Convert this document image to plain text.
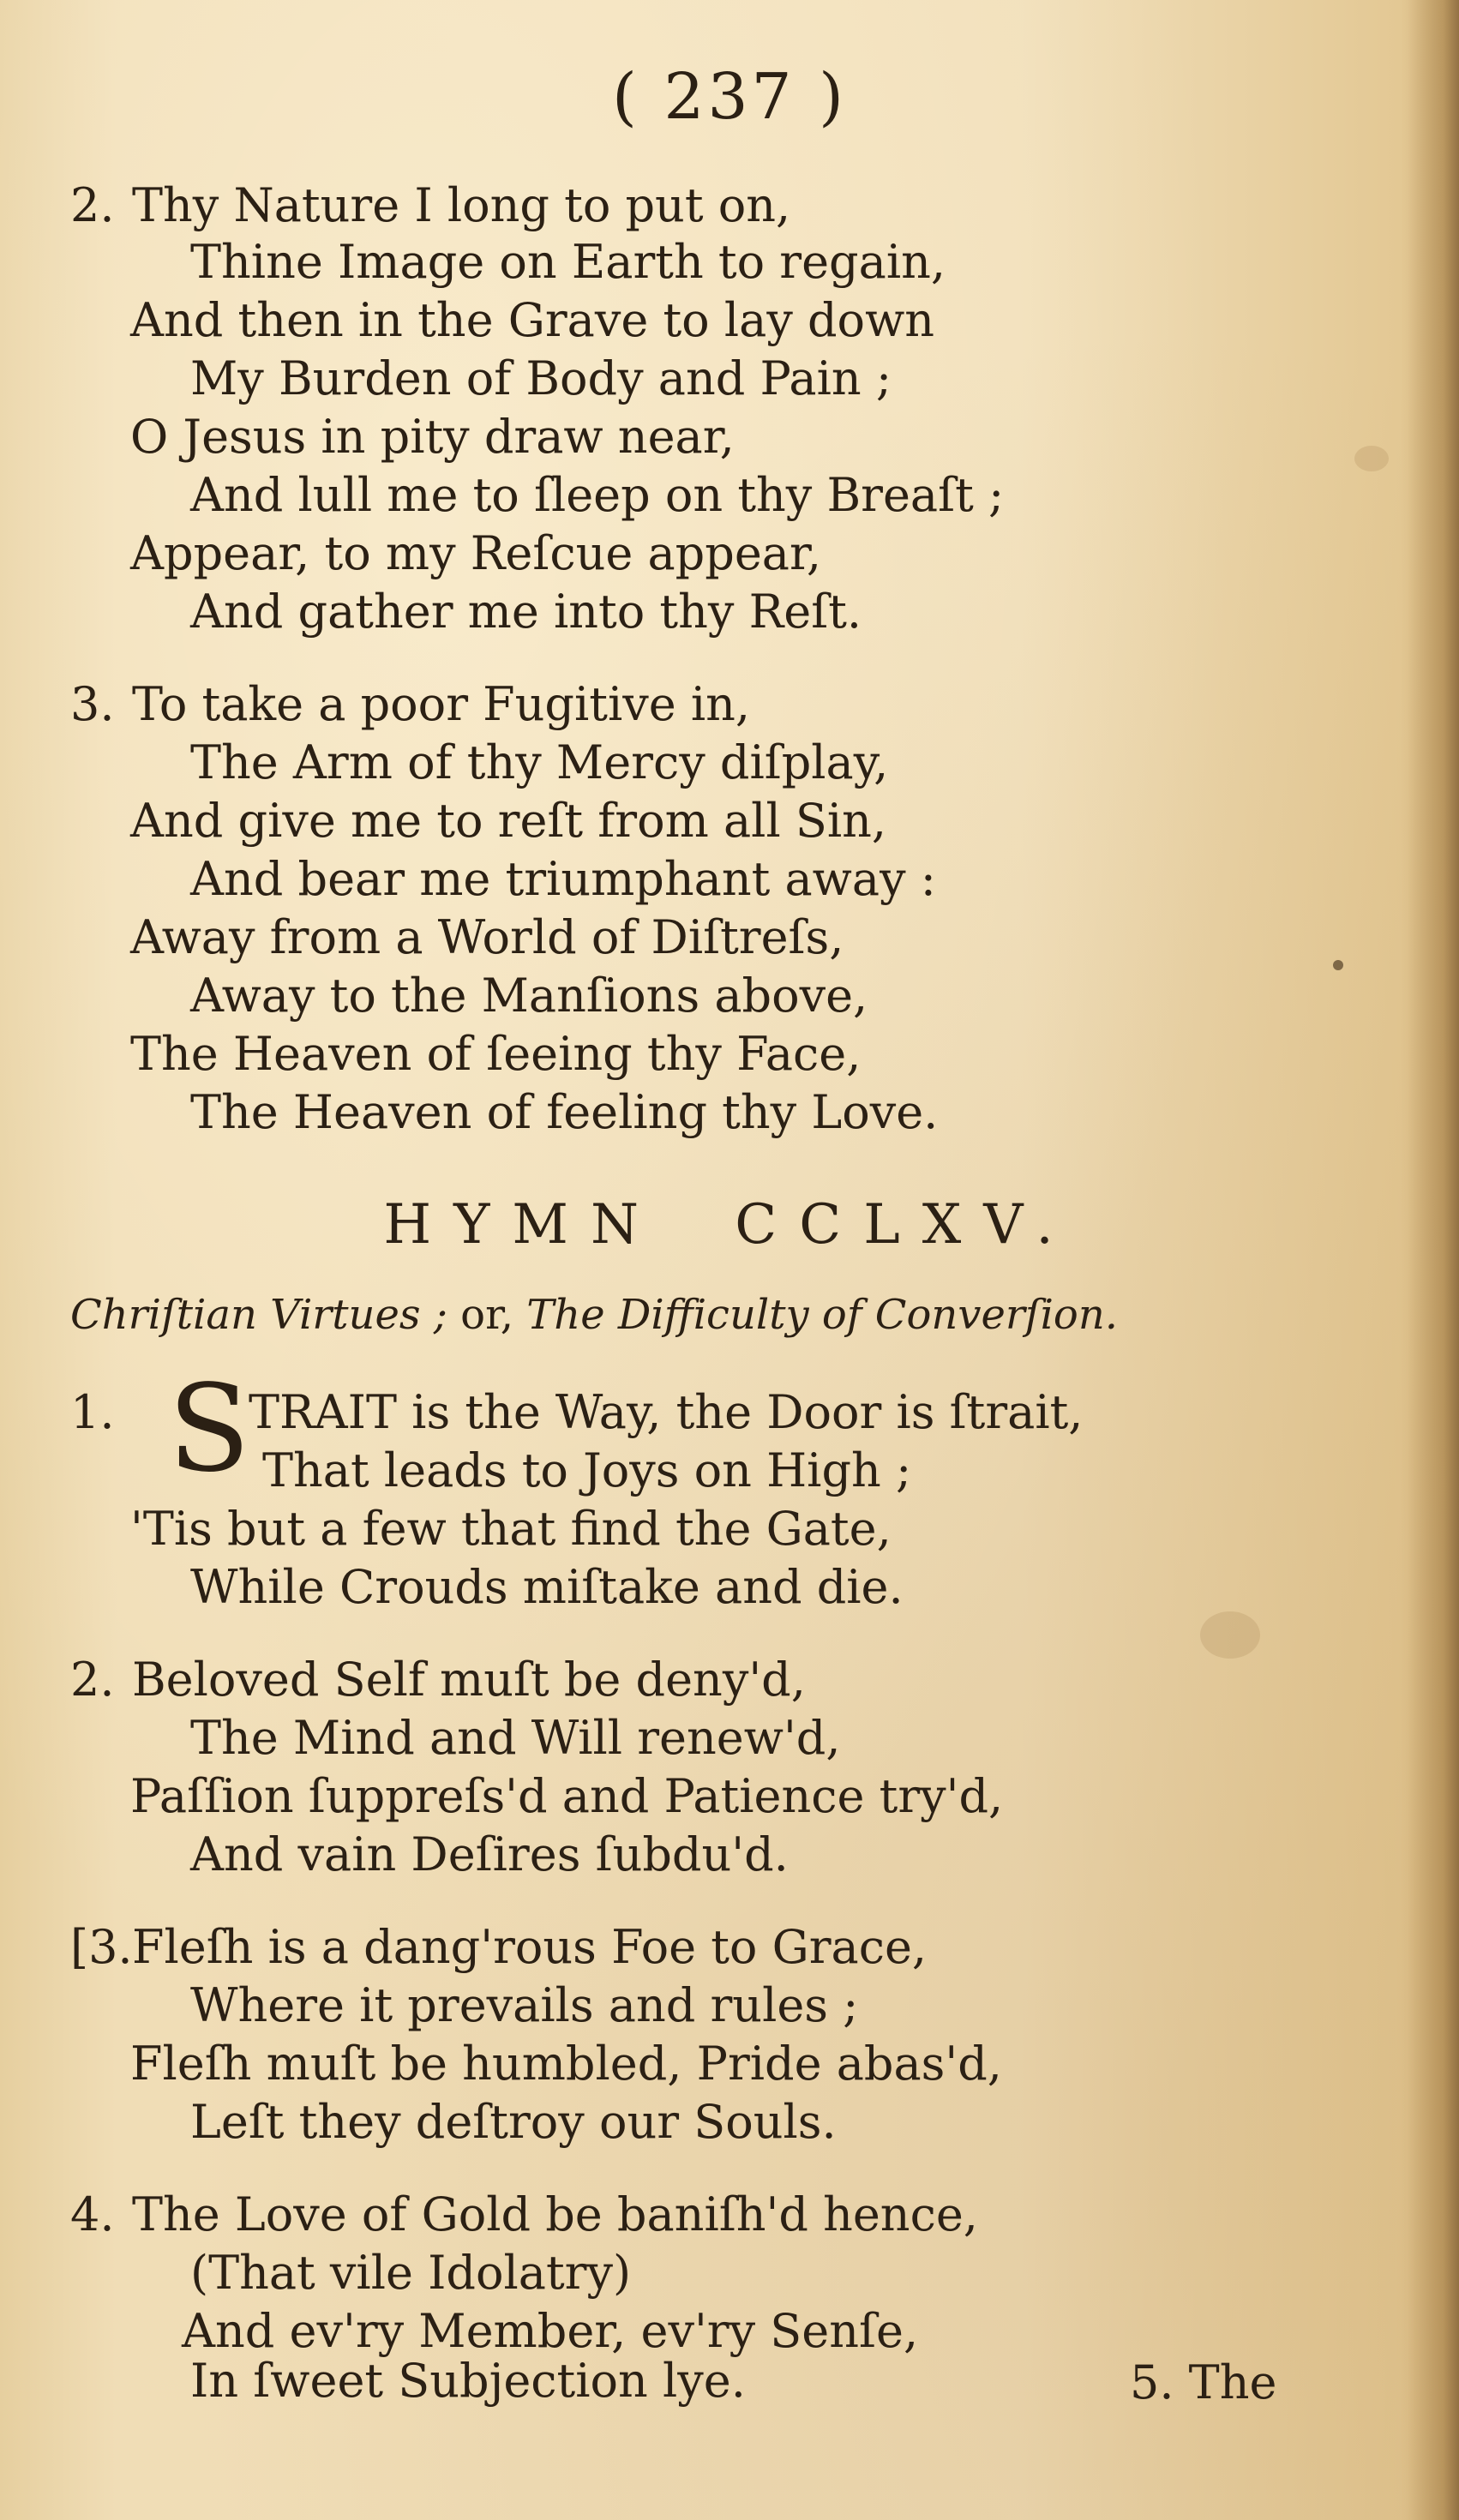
( 237 )
2. Thy Nature I long to put on,
Thine Image on Earth to regain,
And then in the Grave to lay down
My Burden of Body and Pain ;
O Jesus in pity draw near,
And lull me to ſleep on thy Breaſt ;
Appear, to my Reſcue appear,
And gather me into thy Reſt.
3. To take a poor Fugitive in,
The Arm of thy Mercy diſplay,
And give me to reſt from all Sin,
And bear me triumphant away :
Away from a World of Diſtreſs,
Away to the Manſions above,
The Heaven of ſeeing thy Face,
The Heaven of feeling thy Love.
HYMN CCLXV.
Chriſtian Virtues ; or, The Difficulty of Converſion.
1. S
TRAIT is the Way, the Door is ſtrait,
That leads to Joys on High ;
'Tis but a few that find the Gate,
While Crouds miſtake and die.
2. Beloved Self muſt be deny'd,
The Mind and Will renew'd,
Paſſion ſuppreſs'd and Patience try'd,
And vain Deſires ſubdu'd.
[3.Fleſh is a dang'rous Foe to Grace,
Where it prevails and rules ;
Fleſh muſt be humbled, Pride abas'd,
Leſt they deſtroy our Souls.
4. The Love of Gold be baniſh'd hence,
(That vile Idolatry)
And ev'ry Member, ev'ry Senſe,
In ſweet Subjection lye.	5. The
